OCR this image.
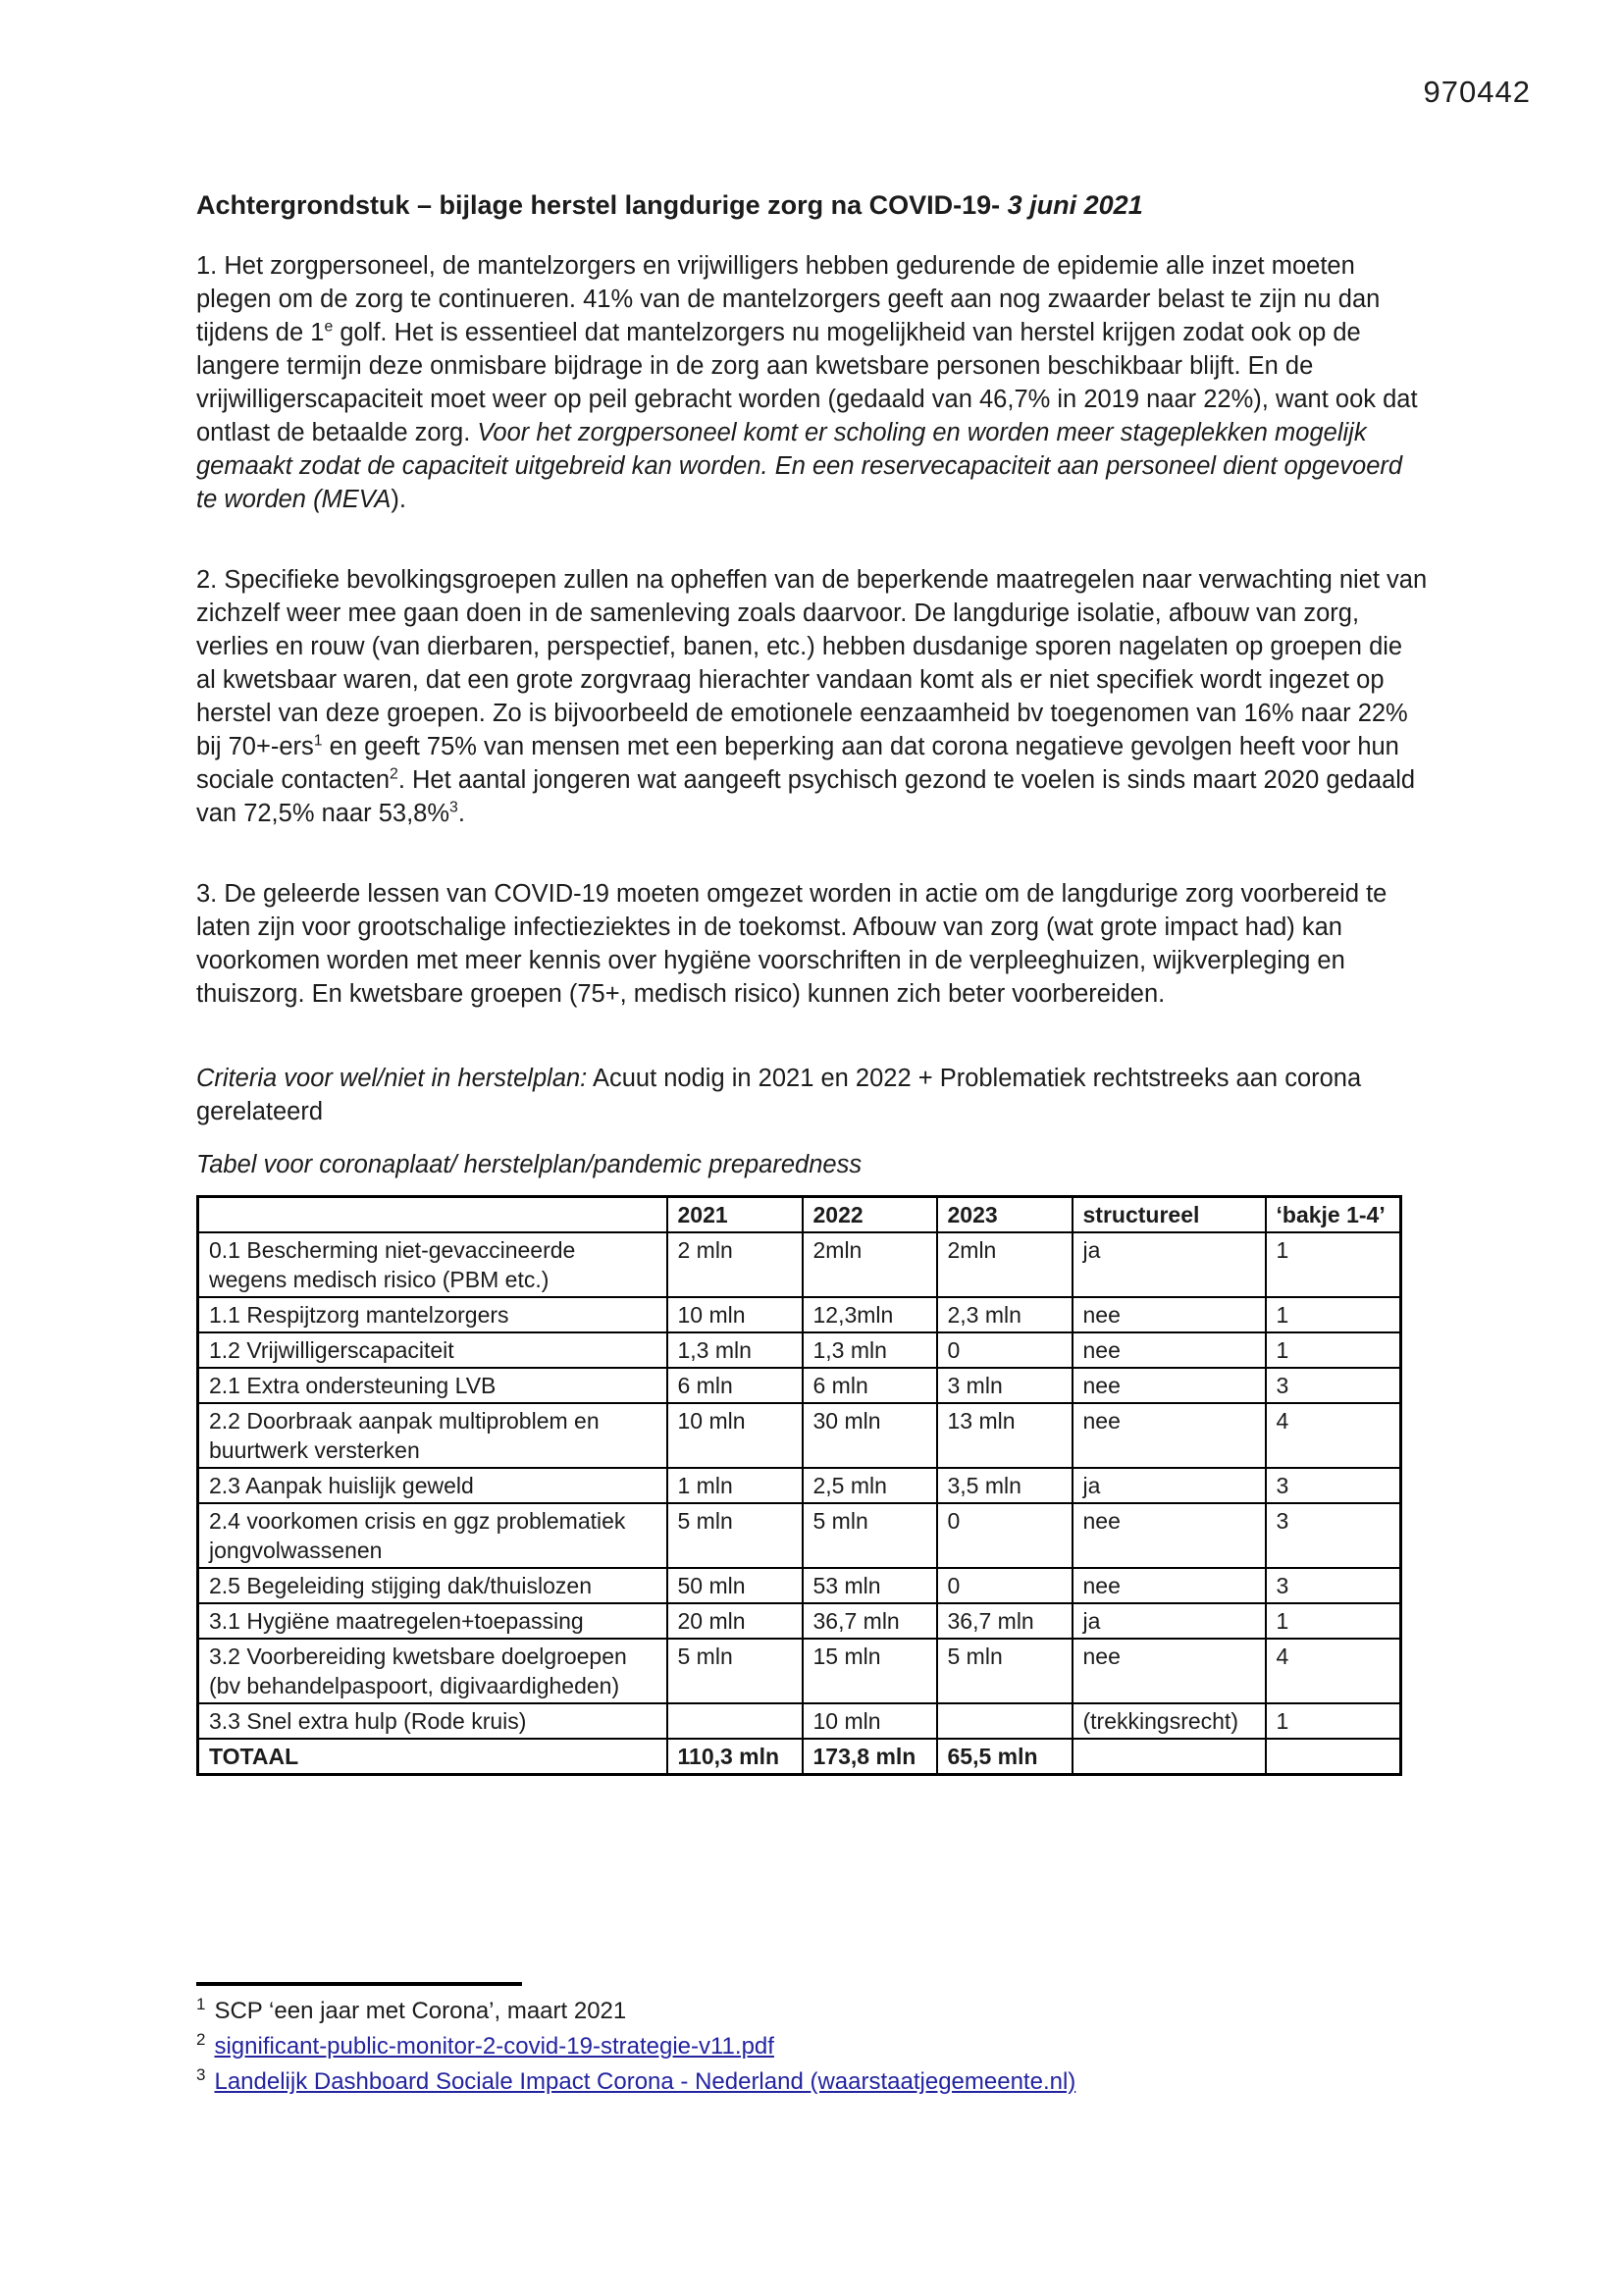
970442
Achtergrondstuk – bijlage herstel langdurige zorg na COVID-19- 3 juni 2021
1. Het zorgpersoneel, de mantelzorgers en vrijwilligers hebben gedurende de epidemie alle inzet moeten plegen om de zorg te continueren. 41% van de mantelzorgers geeft aan nog zwaarder belast te zijn nu dan tijdens de 1e golf. Het is essentieel dat mantelzorgers nu mogelijkheid van herstel krijgen zodat ook op de langere termijn deze onmisbare bijdrage in de zorg aan kwetsbare personen beschikbaar blijft. En de vrijwilligerscapaciteit moet weer op peil gebracht worden (gedaald van 46,7% in 2019 naar 22%), want ook dat ontlast de betaalde zorg. Voor het zorgpersoneel komt er scholing en worden meer stageplekken mogelijk gemaakt zodat de capaciteit uitgebreid kan worden. En een reservecapaciteit aan personeel dient opgevoerd te worden (MEVA).
2. Specifieke bevolkingsgroepen zullen na opheffen van de beperkende maatregelen naar verwachting niet van zichzelf weer mee gaan doen in de samenleving zoals daarvoor. De langdurige isolatie, afbouw van zorg, verlies en rouw (van dierbaren, perspectief, banen, etc.) hebben dusdanige sporen nagelaten op groepen die al kwetsbaar waren, dat een grote zorgvraag hierachter vandaan komt als er niet specifiek wordt ingezet op herstel van deze groepen. Zo is bijvoorbeeld de emotionele eenzaamheid bv toegenomen van 16% naar 22% bij 70+-ers$^1$ en geeft 75% van mensen met een beperking aan dat corona negatieve gevolgen heeft voor hun sociale contacten$^2$. Het aantal jongeren wat aangeeft psychisch gezond te voelen is sinds maart 2020 gedaald van 72,5% naar 53,8%$^3$.
3. De geleerde lessen van COVID-19 moeten omgezet worden in actie om de langdurige zorg voorbereid te laten zijn voor grootschalige infectieziektes in de toekomst. Afbouw van zorg (wat grote impact had) kan voorkomen worden met meer kennis over hygiëne voorschriften in de verpleeghuizen, wijkverpleging en thuiszorg. En kwetsbare groepen (75+, medisch risico) kunnen zich beter voorbereiden.
Criteria voor wel/niet in herstelplan: Acuut nodig in 2021 en 2022 + Problematiek rechtstreeks aan corona gerelateerd
Tabel voor coronaplaat/ herstelplan/pandemic preparedness
	2021	2022	2023	structureel	‘bakje 1-4’
0.1 Bescherming niet-gevaccineerde wegens medisch risico (PBM etc.)	2 mln	2mln	2mln	ja	1
1.1 Respijtzorg mantelzorgers	10 mln	12,3mln	2,3 mln	nee	1
1.2 Vrijwilligerscapaciteit	1,3 mln	1,3 mln	0	nee	1
2.1 Extra ondersteuning LVB	6 mln	6 mln	3 mln	nee	3
2.2 Doorbraak aanpak multiproblem en buurtwerk versterken	10 mln	30 mln	13 mln	nee	4
2.3 Aanpak huislijk geweld	1 mln	2,5 mln	3,5 mln	ja	3
2.4 voorkomen crisis en ggz problematiek jongvolwassenen	5 mln	5 mln	0	nee	3
2.5 Begeleiding stijging dak/thuislozen	50 mln	53 mln	0	nee	3
3.1 Hygiëne maatregelen+toepassing	20 mln	36,7 mln	36,7 mln	ja	1
3.2 Voorbereiding kwetsbare doelgroepen (bv behandelpaspoort, digivaardigheden)	5 mln	15 mln	5 mln	nee	4
3.3 Snel extra hulp (Rode kruis)		10 mln		(trekkingsrecht)	1
TOTAAL	110,3 mln	173,8 mln	65,5 mln		
$^1$ SCP ‘een jaar met Corona’, maart 2021
$^2$ significant-public-monitor-2-covid-19-strategie-v11.pdf
$^3$ Landelijk Dashboard Sociale Impact Corona - Nederland (waarstaatjegemeente.nl)
